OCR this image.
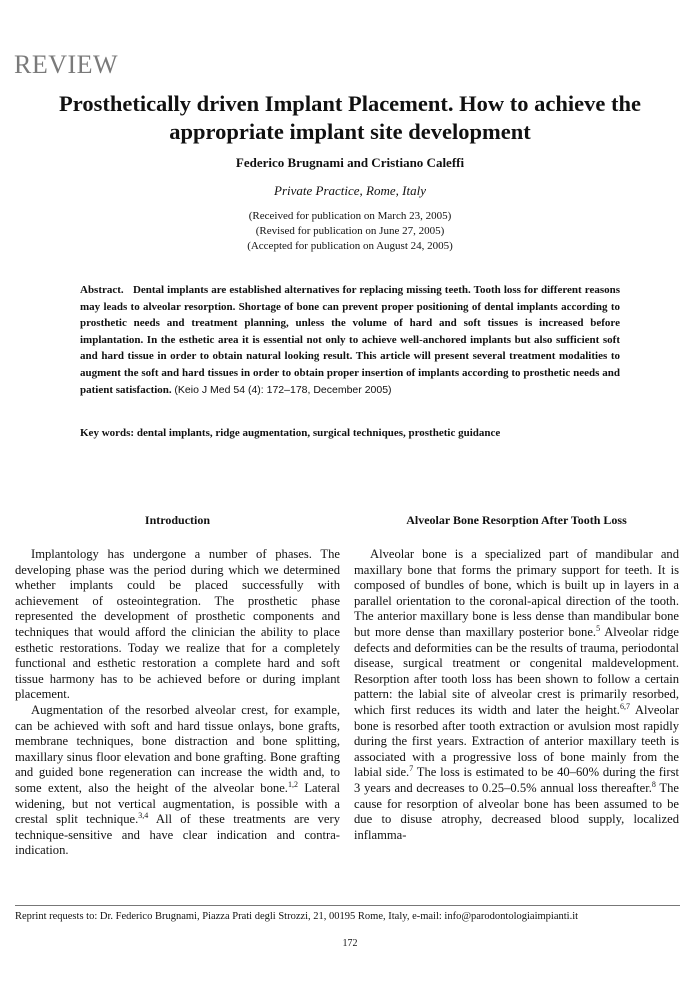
REVIEW
Prosthetically driven Implant Placement. How to achieve the appropriate implant site development
Federico Brugnami and Cristiano Caleffi
Private Practice, Rome, Italy
(Received for publication on March 23, 2005)
(Revised for publication on June 27, 2005)
(Accepted for publication on August 24, 2005)
Abstract. Dental implants are established alternatives for replacing missing teeth. Tooth loss for different reasons may leads to alveolar resorption. Shortage of bone can prevent proper positioning of dental implants according to prosthetic needs and treatment planning, unless the volume of hard and soft tissues is increased before implantation. In the esthetic area it is essential not only to achieve well-anchored implants but also sufficient soft and hard tissue in order to obtain natural looking result. This article will present several treatment modalities to augment the soft and hard tissues in order to obtain proper insertion of implants according to prosthetic needs and patient satisfaction. (Keio J Med 54 (4): 172–178, December 2005)
Key words: dental implants, ridge augmentation, surgical techniques, prosthetic guidance
Introduction

Implantology has undergone a number of phases. The developing phase was the period during which we determined whether implants could be placed successfully with achievement of osteointegration. The prosthetic phase represented the development of prosthetic components and techniques that would afford the clinician the ability to place esthetic restorations. Today we realize that for a completely functional and esthetic restoration a complete hard and soft tissue harmony has to be achieved before or during implant placement.

Augmentation of the resorbed alveolar crest, for example, can be achieved with soft and hard tissue onlays, bone grafts, membrane techniques, bone distraction and bone splitting, maxillary sinus floor elevation and bone grafting. Bone grafting and guided bone regeneration can increase the width and, to some extent, also the height of the alveolar bone.$^{1,2}$ Lateral widening, but not vertical augmentation, is possible with a crestal split technique.$^{3,4}$ All of these treatments are very technique-sensitive and have clear indication and contra-indication.

Alveolar Bone Resorption After Tooth Loss

Alveolar bone is a specialized part of mandibular and maxillary bone that forms the primary support for teeth. It is composed of bundles of bone, which is built up in layers in a parallel orientation to the coronal-apical direction of the tooth. The anterior maxillary bone is less dense than mandibular bone but more dense than maxillary posterior bone.$^5$ Alveolar ridge defects and deformities can be the results of trauma, periodontal disease, surgical treatment or congenital maldevelopment. Resorption after tooth loss has been shown to follow a certain pattern: the labial site of alveolar crest is primarily resorbed, which first reduces its width and later the height.$^{6,7}$ Alveolar bone is resorbed after tooth extraction or avulsion most rapidly during the first years. Extraction of anterior maxillary teeth is associated with a progressive loss of bone mainly from the labial side.$^7$ The loss is estimated to be 40–60% during the first 3 years and decreases to 0.25–0.5% annual loss thereafter.$^8$ The cause for resorption of alveolar bone has been assumed to be due to disuse atrophy, decreased blood supply, localized inflamma-

Reprint requests to: Dr. Federico Brugnami, Piazza Prati degli Strozzi, 21, 00195 Rome, Italy, e-mail: info@parodontologiaimpianti.it
172
